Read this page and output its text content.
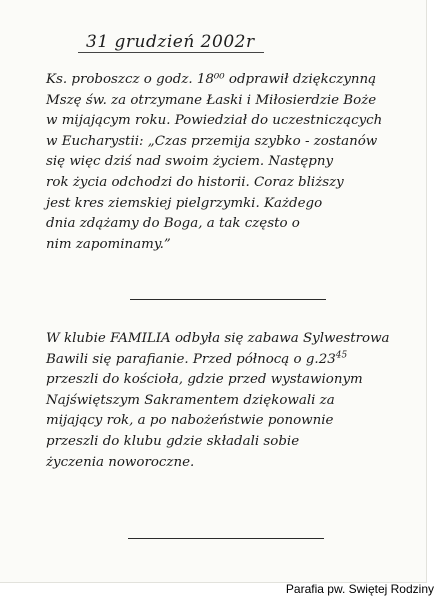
31 grudzień 2002r

Ks. proboszcz o godz. 18⁰⁰ odprawił dziękczynną
Mszę św. za otrzymane Łaski i Miłosierdzie Boże
w mijającym roku. Powiedział do uczestniczących
w Eucharystii: „Czas przemija szybko - zostanów
się więc dziś nad swoim życiem. Następny
rok życia odchodzi do historii. Coraz bliższy
jest kres ziemskiej pielgrzymki. Każdego
dnia zdążamy do Boga, a tak często o
nim zapominamy.”

W klubie FAMILIA odbyła się zabawa Sylwestrowa
Bawili się parafianie. Przed północą o $g.23^{45}$
przeszli do kościoła, gdzie przed wystawionym
Najświętszym Sakramentem dziękowali za
mijający rok, a po nabożeństwie ponownie
przeszli do klubu gdzie składali sobie
życzenia noworoczne.

Parafia pw. Swiętej Rodziny
